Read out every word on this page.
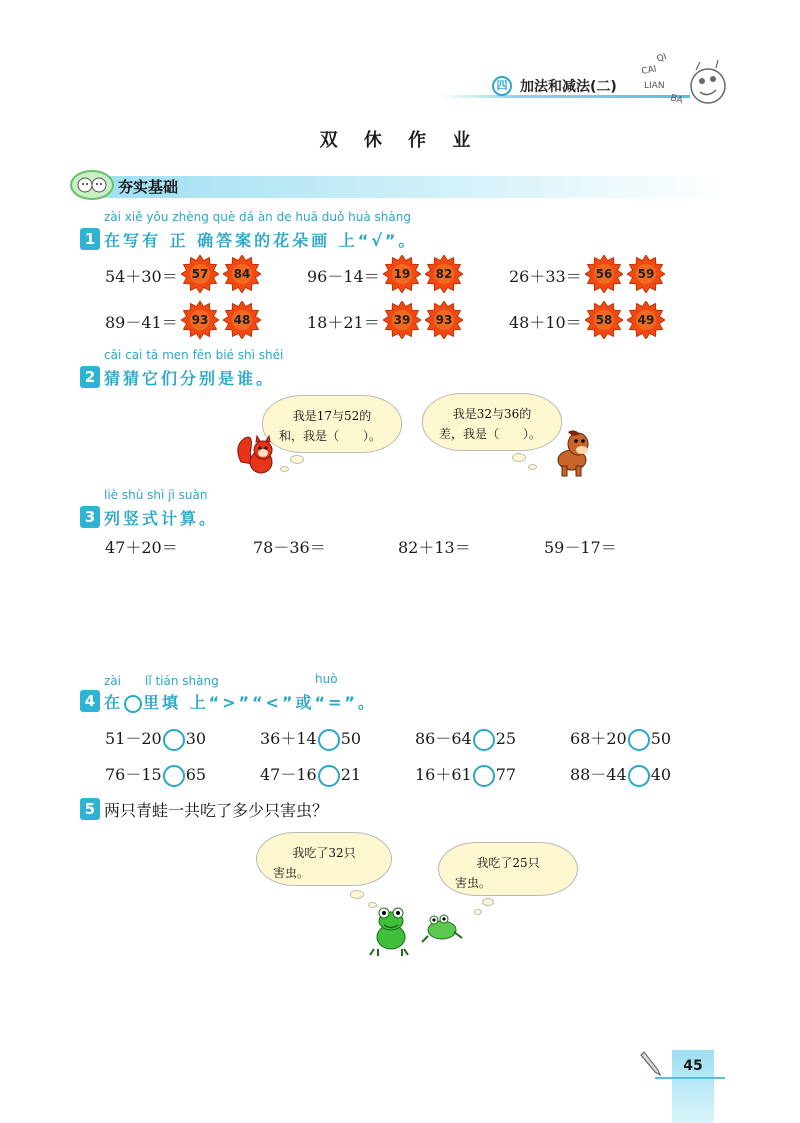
四 加法和减法(二)
QI
CAI
LIAN
BA
双 休 作 业
夯实基础
zài xiě yǒu zhèng què dá àn de huā duǒ huà shàng
1 在写有 正 确答案的花朵画 上“√”。
54＋30＝	57	84	96－14＝	19	82	26＋33＝	56	59
89－41＝	93	48	18＋21＝	39	93	48＋10＝	58	49
cāi cai tā men fēn bié shì shéi
2 猜猜它们分别是谁。
我是17与52的
和，我是（　　）。
我是32与36的
差，我是（　　）。
liè shù shì jì suàn
3 列竖式计算。
47＋20＝	78－36＝	82＋13＝	59－17＝
zài　　lǐ tián shàng	huò
4 在 里填 上“>”“<”或“=”。
51－20 30	36＋14 50	86－64 25	68＋20 50
76－15 65	47－16 21	16＋61 77	88－44 40
5 两只青蛙一共吃了多少只害虫？
我吃了32只
害虫。
我吃了25只
害虫。
45
